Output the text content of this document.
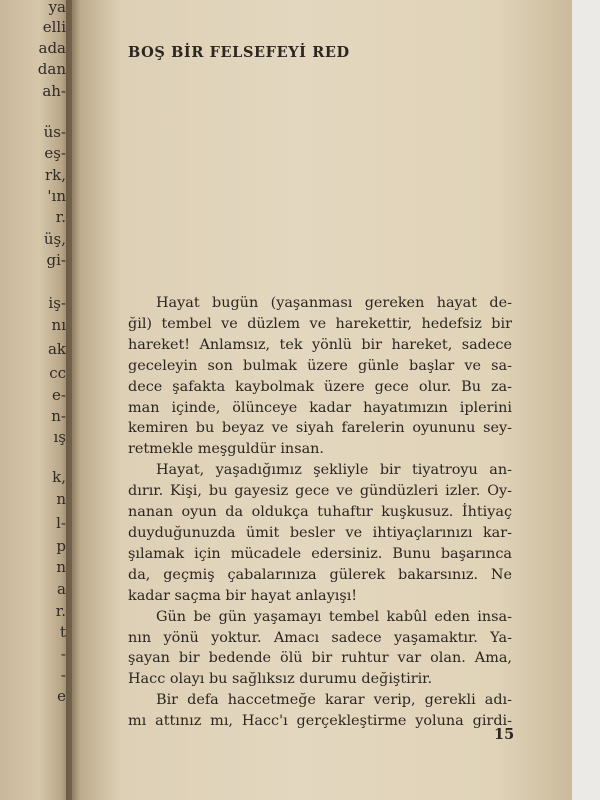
ya
elli
ada
dan
ah-
üs-
eş-
rk,
'ın
r.
üş,
gi-
iş-
nı
ak
cc
e-
n-
ış
k,
n
l-
p
n
a
r.
t
-
-
e
BOŞ BİR FELSEFEYİ RED
Hayat bugün (yaşanması gereken hayat de-
ğil) tembel ve düzlem ve harekettir, hedefsiz bir
hareket! Anlamsız, tek yönlü bir hareket, sadece
geceleyin son bulmak üzere günle başlar ve sa-
dece şafakta kaybolmak üzere gece olur. Bu za-
man içinde, ölünceye kadar hayatımızın iplerini
kemiren bu beyaz ve siyah farelerin oyununu sey-
retmekle meşguldür insan.
Hayat, yaşadığımız şekliyle bir tiyatroyu an-
dırır. Kişi, bu gayesiz gece ve gündüzleri izler. Oy-
nanan oyun da oldukça tuhaftır kuşkusuz. İhtiyaç
duyduğunuzda ümit besler ve ihtiyaçlarınızı kar-
şılamak için mücadele edersiniz. Bunu başarınca
da, geçmiş çabalarınıza gülerek bakarsınız. Ne
kadar saçma bir hayat anlayışı!
Gün be gün yaşamayı tembel kabûl eden insa-
nın yönü yoktur. Amacı sadece yaşamaktır. Ya-
şayan bir bedende ölü bir ruhtur var olan. Ama,
Hacc olayı bu sağlıksız durumu değiştirir.
Bir defa haccetmeğe karar verip, gerekli adı-
mı attınız mı, Hacc'ı gerçekleştirme yoluna girdi-
15
